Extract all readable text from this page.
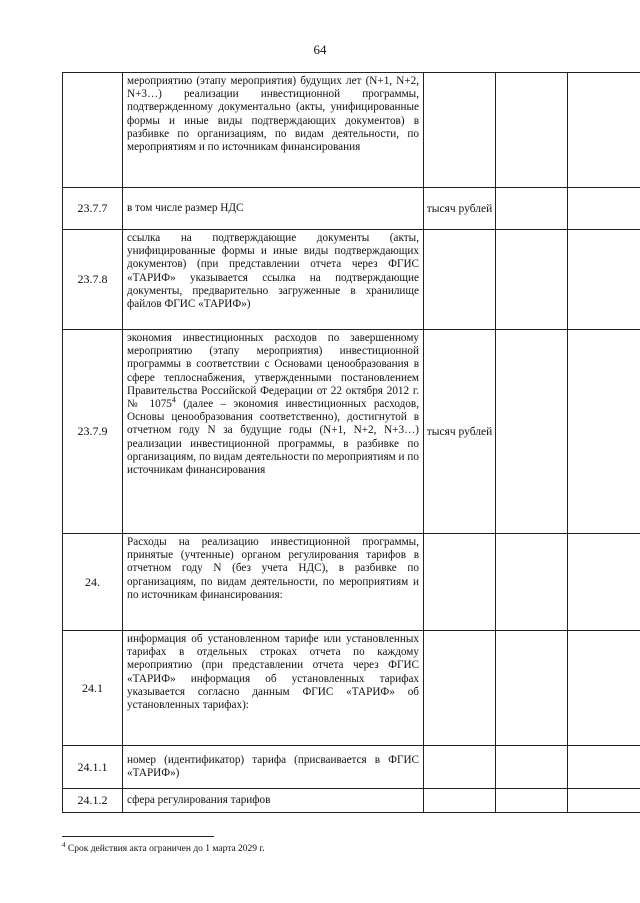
64
	мероприятию (этапу мероприятия) будущих лет (N+1, N+2, N+3…) реализации инвестиционной программы, подтвержденному документально (акты, унифицированные формы и иные виды подтверждающих документов) в разбивке по организациям, по видам деятельности, по мероприятиям и по источникам финансирования			
23.7.7	в том числе размер НДС	тысяч рублей		
23.7.8	ссылка на подтверждающие документы (акты, унифицированные формы и иные виды подтверждающих документов) (при представлении отчета через ФГИС «ТАРИФ» указывается ссылка на подтверждающие документы, предварительно загруженные в хранилище файлов ФГИС «ТАРИФ»)			
23.7.9	экономия инвестиционных расходов по завершенному мероприятию (этапу мероприятия) инвестиционной программы в соответствии с Основами ценообразования в сфере теплоснабжения, утвержденными постановлением Правительства Российской Федерации от 22 октября 2012 г. № 1075$^4$ (далее – экономия инвестиционных расходов, Основы ценообразования соответственно), достигнутой в отчетном году N за будущие годы (N+1, N+2, N+3…) реализации инвестиционной программы, в разбивке по организациям, по видам деятельности по мероприятиям и по источникам финансирования	тысяч рублей		
24.	Расходы на реализацию инвестиционной программы, принятые (учтенные) органом регулирования тарифов в отчетном году N (без учета НДС), в разбивке по организациям, по видам деятельности, по мероприятиям и по источникам финансирования:			
24.1	информация об установленном тарифе или установленных тарифах в отдельных строках отчета по каждому мероприятию (при представлении отчета через ФГИС «ТАРИФ» информация об установленных тарифах указывается согласно данным ФГИС «ТАРИФ» об установленных тарифах):			
24.1.1	номер (идентификатор) тарифа (присваивается в ФГИС «ТАРИФ»)			
24.1.2	сфера регулирования тарифов			
$^4$ Срок действия акта ограничен до 1 марта 2029 г.
